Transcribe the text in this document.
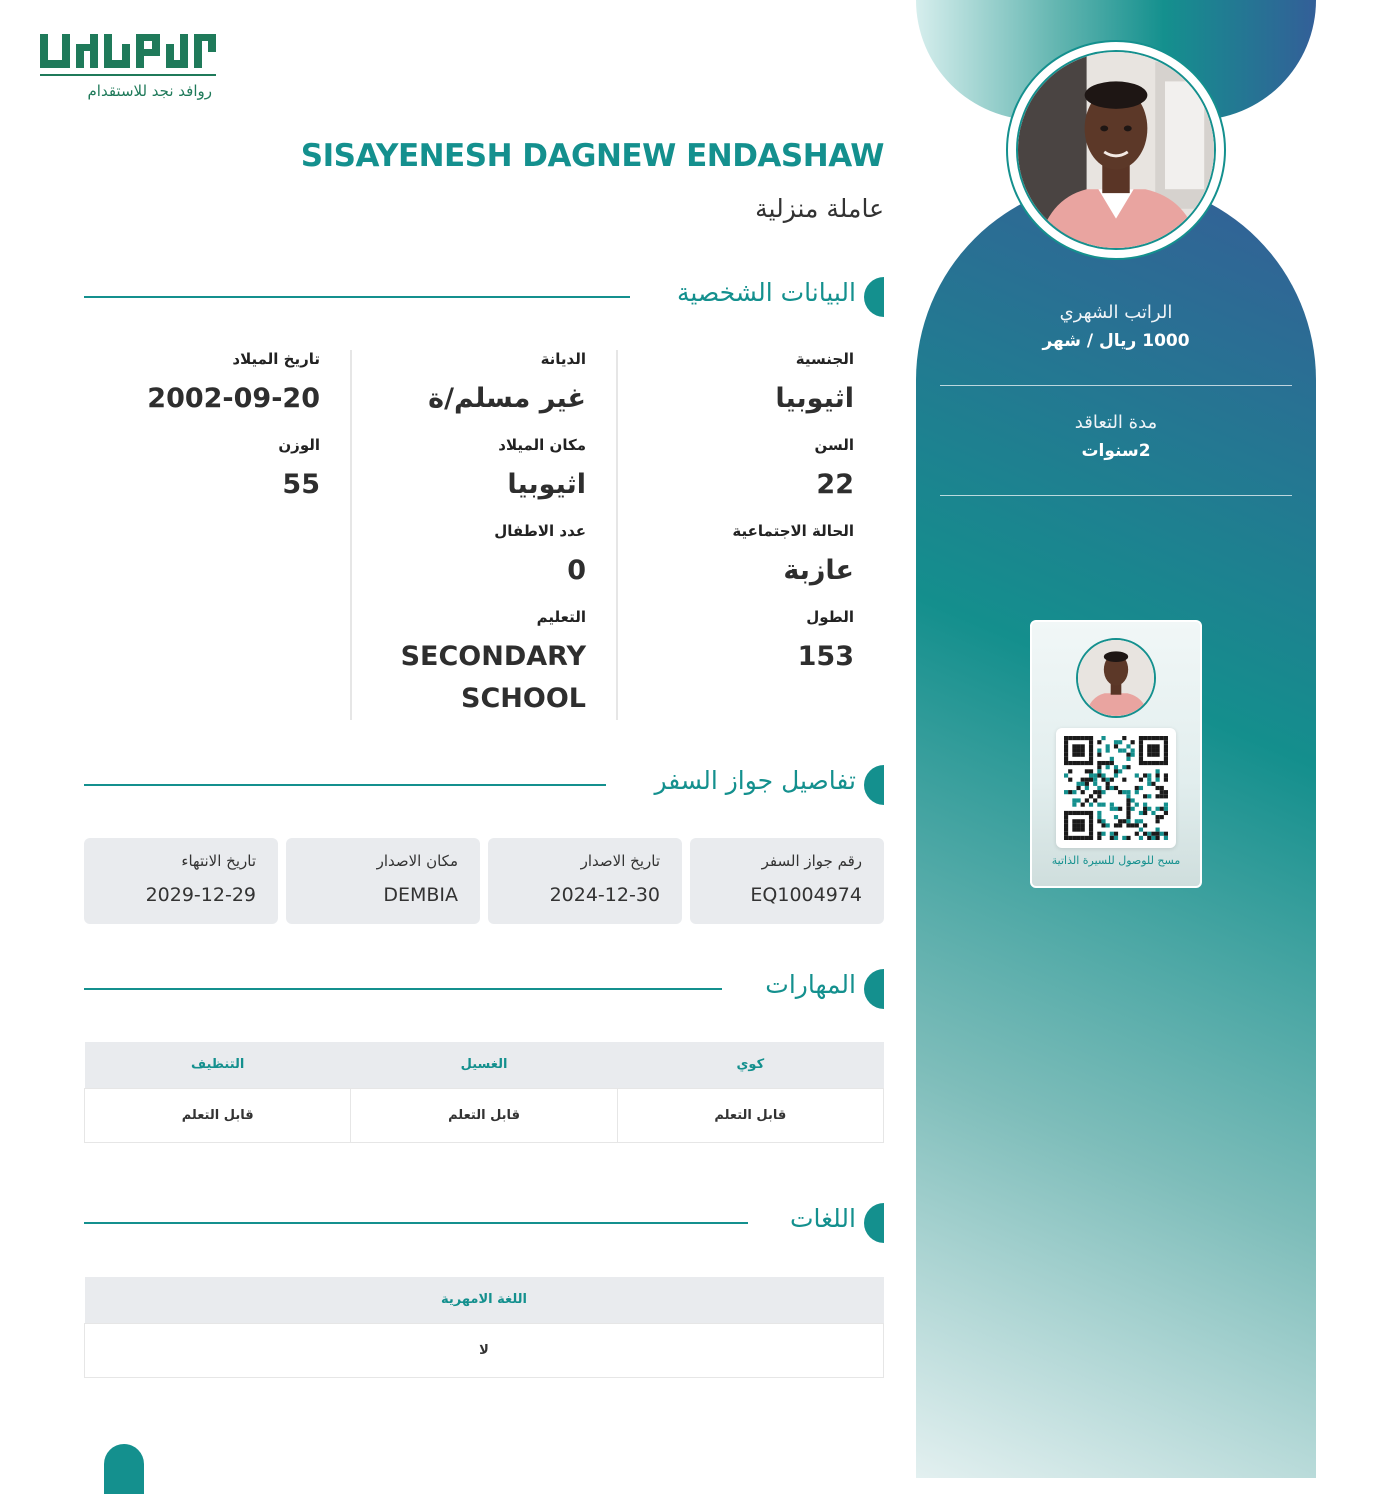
روافد نجد للاستقدام
الراتب الشهري
1000 ريال / شهر
مدة التعاقد
2سنوات
مسح للوصول للسيرة الذاتية
SISAYENESH DAGNEW ENDASHAW
عاملة منزلية
البيانات الشخصية
الجنسية
اثيوبيا
السن
22
الحالة الاجتماعية
عازبة
الطول
153
الديانة
غير مسلم/ة
مكان الميلاد
اثيوبيا
عدد الاطفال
0
التعليم
SECONDARY SCHOOL
تاريخ الميلاد
2002-09-20
الوزن
55
تفاصيل جواز السفر
رقم جواز السفر
EQ1004974
تاريخ الاصدار
2024-12-30
مكان الاصدار
DEMBIA
تاريخ الانتهاء
2029-12-29
المهارات
كوي	الغسيل	التنظيف
قابل التعلم	قابل التعلم	قابل التعلم
اللغات
اللغة الامهرية
لا
